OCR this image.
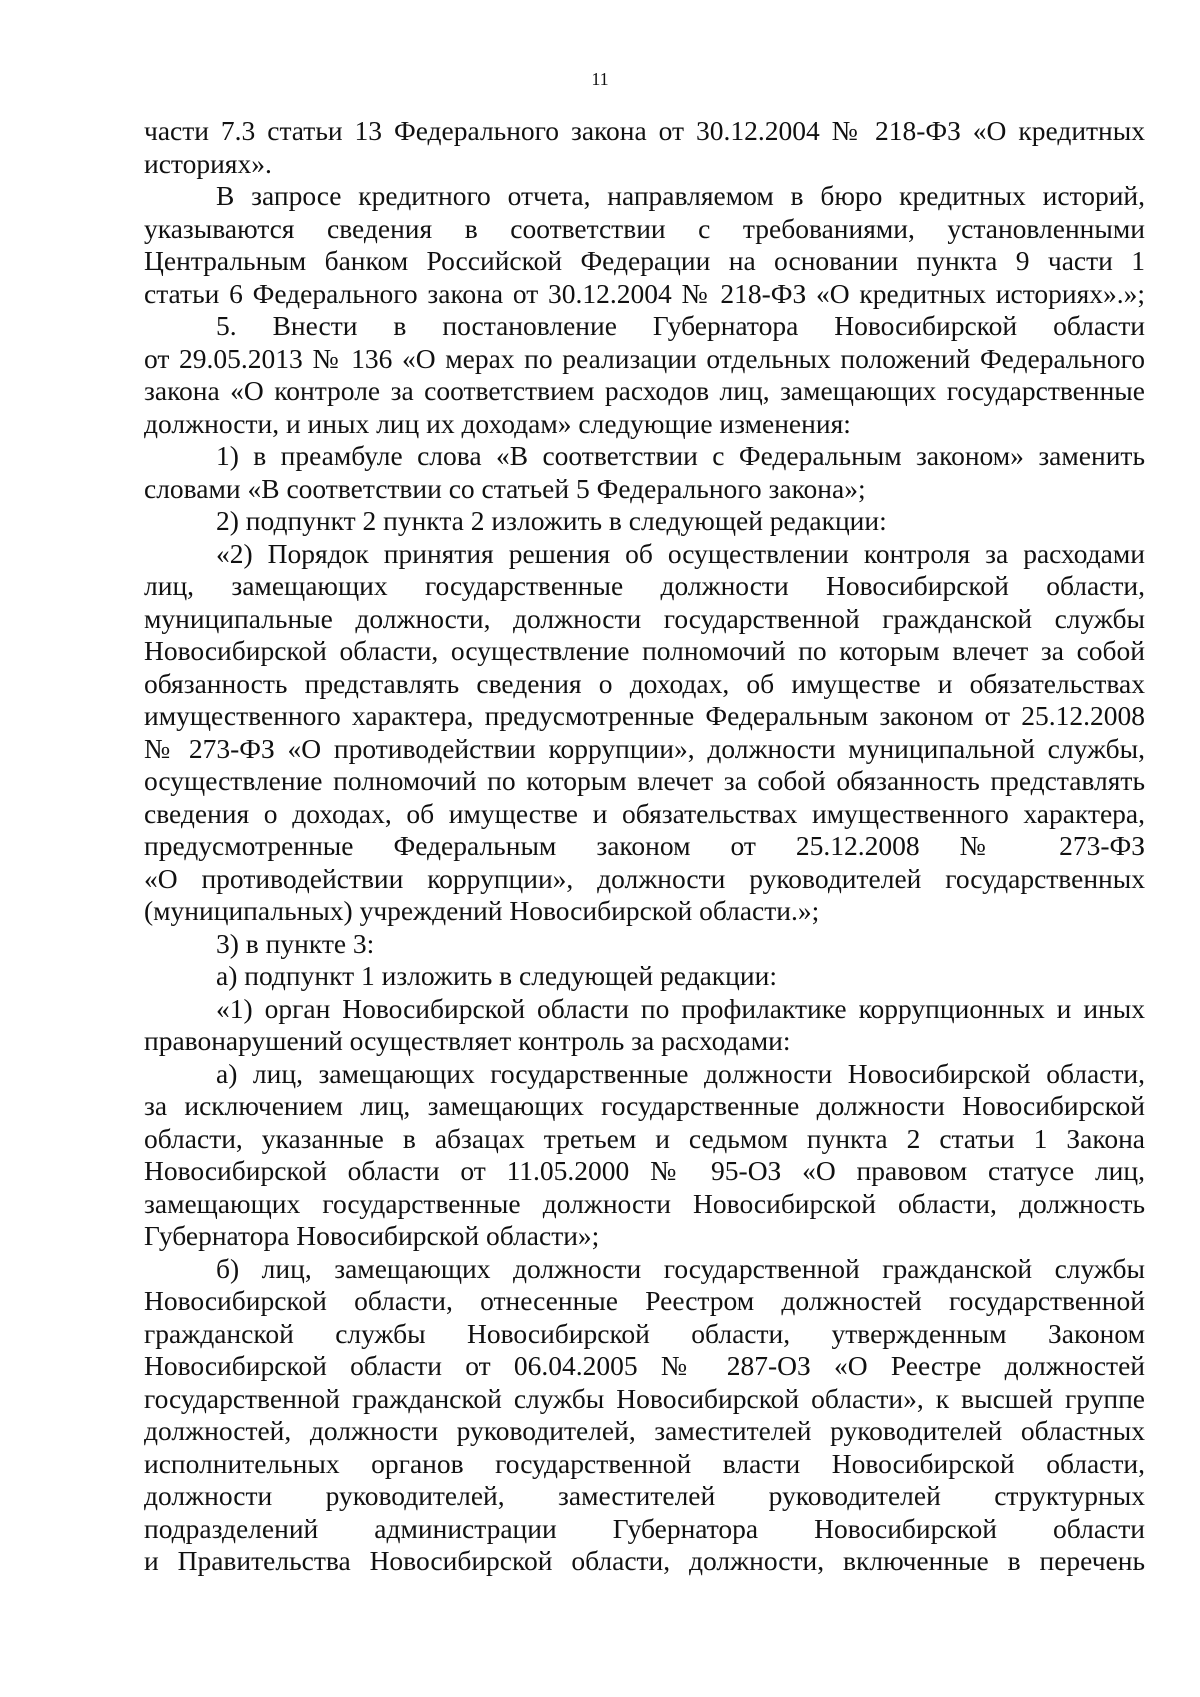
11
части 7.3 статьи 13 Федерального закона от 30.12.2004 № 218-ФЗ «О кредитных
историях».
В запросе кредитного отчета, направляемом в бюро кредитных историй,
указываются сведения в соответствии с требованиями, установленными
Центральным банком Российской Федерации на основании пункта 9 части 1
статьи 6 Федерального закона от 30.12.2004 № 218-ФЗ «О кредитных историях».»;
5. Внести в постановление Губернатора Новосибирской области
от 29.05.2013 № 136 «О мерах по реализации отдельных положений Федерального
закона «О контроле за соответствием расходов лиц, замещающих государственные
должности, и иных лиц их доходам» следующие изменения:
1) в преамбуле слова «В соответствии с Федеральным законом» заменить
словами «В соответствии со статьей 5 Федерального закона»;
2) подпункт 2 пункта 2 изложить в следующей редакции:
«2) Порядок принятия решения об осуществлении контроля за расходами
лиц, замещающих государственные должности Новосибирской области,
муниципальные должности, должности государственной гражданской службы
Новосибирской области, осуществление полномочий по которым влечет за собой
обязанность представлять сведения о доходах, об имуществе и обязательствах
имущественного характера, предусмотренные Федеральным законом от 25.12.2008
№ 273-ФЗ «О противодействии коррупции», должности муниципальной службы,
осуществление полномочий по которым влечет за собой обязанность представлять
сведения о доходах, об имуществе и обязательствах имущественного характера,
предусмотренные Федеральным законом от 25.12.2008 № 273-ФЗ
«О противодействии коррупции», должности руководителей государственных
(муниципальных) учреждений Новосибирской области.»;
3) в пункте 3:
а) подпункт 1 изложить в следующей редакции:
«1) орган Новосибирской области по профилактике коррупционных и иных
правонарушений осуществляет контроль за расходами:
а) лиц, замещающих государственные должности Новосибирской области,
за исключением лиц, замещающих государственные должности Новосибирской
области, указанные в абзацах третьем и седьмом пункта 2 статьи 1 Закона
Новосибирской области от 11.05.2000 № 95-ОЗ «О правовом статусе лиц,
замещающих государственные должности Новосибирской области, должность
Губернатора Новосибирской области»;
б) лиц, замещающих должности государственной гражданской службы
Новосибирской области, отнесенные Реестром должностей государственной
гражданской службы Новосибирской области, утвержденным Законом
Новосибирской области от 06.04.2005 № 287-ОЗ «О Реестре должностей
государственной гражданской службы Новосибирской области», к высшей группе
должностей, должности руководителей, заместителей руководителей областных
исполнительных органов государственной власти Новосибирской области,
должности руководителей, заместителей руководителей структурных
подразделений администрации Губернатора Новосибирской области
и Правительства Новосибирской области, должности, включенные в перечень
